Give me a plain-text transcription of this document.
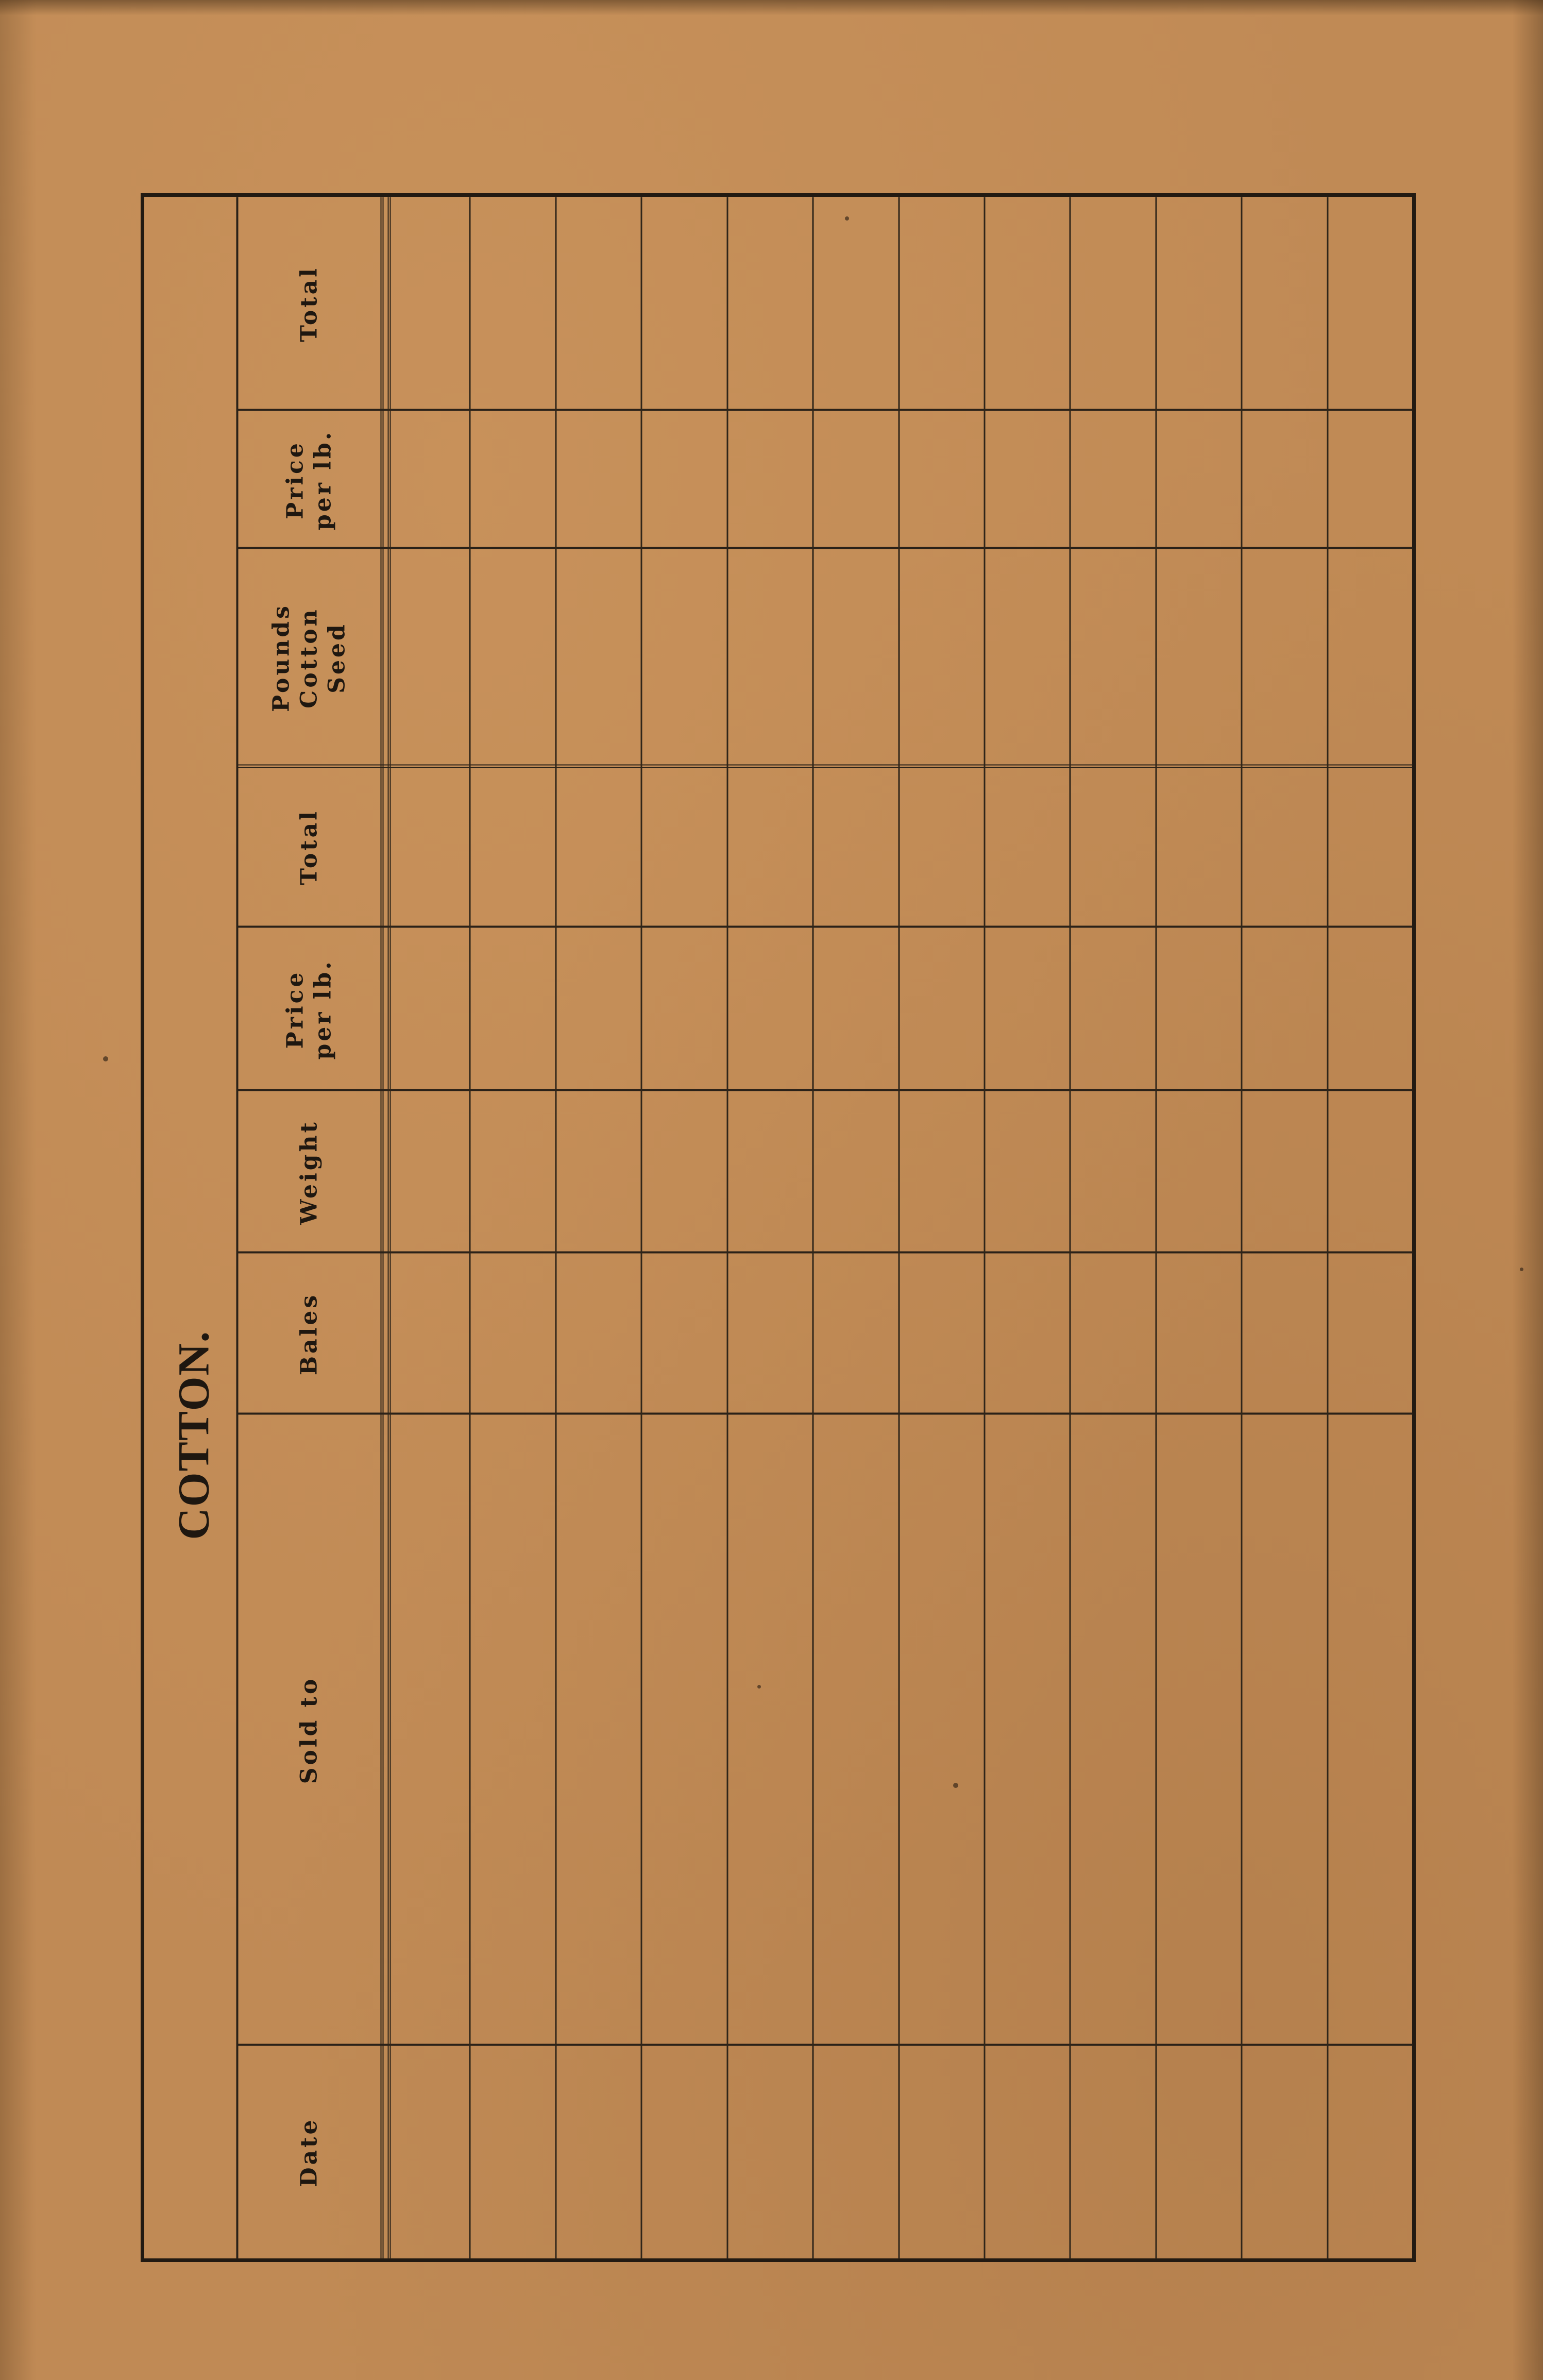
COTTON.
Date
Sold to
Bales
Weight
Price
per lb.
Total
Pounds
Cotton
Seed
Price
per lb.
Total
